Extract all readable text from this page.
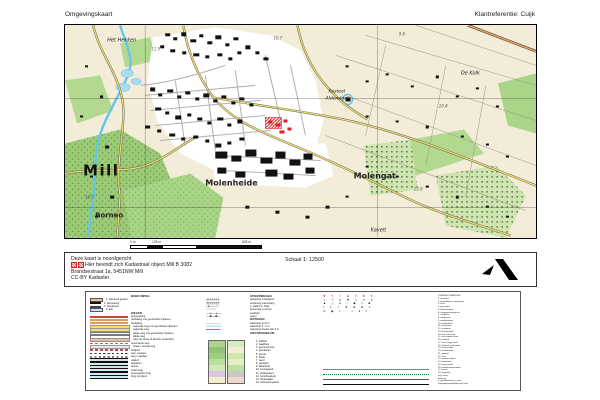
Omgevingskaart	Klantreferentie: Cuijk
Mill
Het Hekken
11.9
10.7
9.6
De Kolk
Kasteel
Aldendriel
10.4
Molenheide
Molengat
13.6
16.2
Borneo
Kavelt
0 m	125 m	625 m
Deze kaart is noordgericht
Hier bevindt zich Kadastraal object Mill B 3082
Brandsestraat 1a, 5451NW Mill
CC-BY Kadaster.
Schaal 1: 12500
BEBOUWING
1. bebouwd gebied
2. bebouwing
3. hoogbouw
4. kas
WEGEN
autosnelweg
hoofdweg met gescheiden rijbanen
hoofdweg
regionale weg met gescheiden rijbanen
regionale weg
lokale weg met gescheiden rijbanen
lokale weg
weg met losse of slechte verharding
onverharde weg
straat / overige weg
fietspad
pad, voetpad
weg in aanleg
viaduct
aquaduct
tunnel
vaste brug
beweegbare brug
brug op pijlers
SPOORWEGEN
┼┼┼┼┼┼┼	spoorweg enkelspoor
╪╪╪╪╪╪╪	spoorweg meersporig
─●───○─	a. station b. halte
┄┄┄┄┄┄	spoorweg in tunnel
──┼──┼──	sneltram
──■──■──	metro
WATEREN
────────	waterloop tot 3 m
════════	waterloop 3 - 6 m
▬▬▬▬▬	waterloop breder dan 6 m
GRONDGEBRUIK
1. loofbos
2. naaldbos
3. gemengd bos
4. populieren
5. griend
6. heide
7. zand
8. grasland
9. akkerland
10. boomgaard
11. fruitkwekerij
12. boomkwekerij
13. dodenakker
14. bebouwd gebied
✚ ✝ ☩ ⊕ ✛ ✠ ✟
⊥ ⊤ ✈ ⚑ ⚐ ✦ ✶
▲ △ ● ○ ◆ ◇ ■
† ‡ ☆ ★ ⊗ ⊞ ±
⊙ ◉ ▪ ▫ ⌂ ♦ ⌖
OVERIGE SYMBOLEN
1. hunebed
2. gedenkteken, monument
3. kruis
4. grenspaal
5. kilometerpaal
6. hoogspanningsmast
7. zendmast
8. windmolen
9. windmolentje
10. windturbine
11. watertoren
12. vuurtoren
13. lichtopstand
14. kerk met toren
15. kerk zonder toren
16. moskee
17. toren, hoge toren
18. olietank, gashouder
19. schoorsteen
20. uitzichttoren
21. gemaal
22. sluis
23. markant object
24. ziekenhuis
25. kerncentrale
26. transformatorstation
27. haven
28. vliegveld
heg, haag
bomenrij
a. geluidswering b. muur
hoogspanningsleiding met mast
